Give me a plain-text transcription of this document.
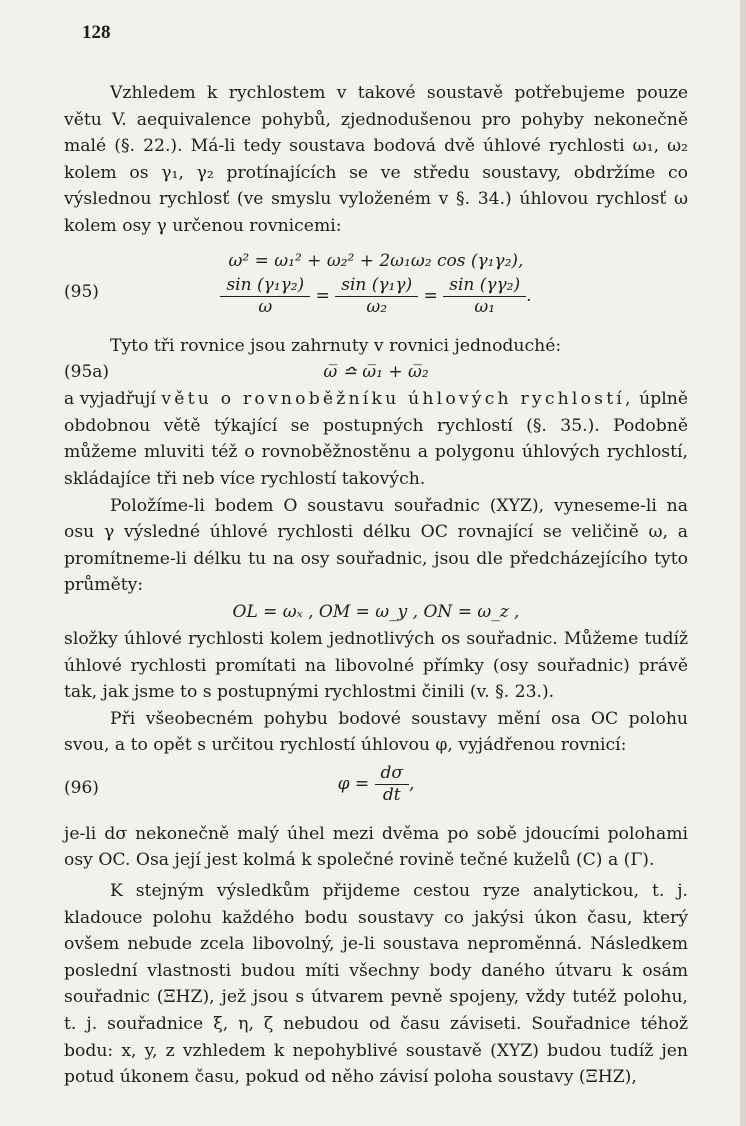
128

Vzhledem k rychlostem v takové soustavě potřebujeme pouze větu V. aequivalence pohybů, zjednodušenou pro pohyby nekonečně malé (§. 22.). Má-li tedy soustava bodová dvě úhlové rychlosti ω₁, ω₂ kolem os γ₁, γ₂ protínajících se ve středu soustavy, obdržíme co výslednou rychlosť (ve smyslu vyloženém v §. 34.) úhlovou rychlosť ω kolem osy γ určenou rovnicemi:

ω² = ω₁² + ω₂² + 2ω₁ω₂ cos (γ₁γ₂),
(95)	$\frac{\text{sin (γ₁γ₂)}}{\omega} = \frac{\text{sin (γ₁γ)}}{\text{ω₂}} = \frac{\text{sin (γγ₂)}}{\text{ω₁}}$ .

Tyto tři rovnice jsou zahrnuty v rovnici jednoduché:

(95a)	ω̅ ≏ ω̅₁ + ω̅₂

a vyjadřují větu o rovnoběžníku úhlových rychlostí, úplně obdobnou větě týkající se postupných rychlostí (§. 35.). Podobně můžeme mluviti též o rovnoběžnostěnu a polygonu úhlových rychlostí, skládajíce tři neb více rychlostí takových.

Položíme-li bodem O soustavu souřadnic (XYZ), vyneseme-li na osu γ výsledné úhlové rychlosti délku OC rovnající se veličině ω, a promítneme-li délku tu na osy souřadnic, jsou dle předcházejícího tyto průměty:

OL = ωₓ , OM = ω_y , ON = ω_z ,

složky úhlové rychlosti kolem jednotlivých os souřadnic. Můžeme tudíž úhlové rychlosti promítati na libovolné přímky (osy souřadnic) právě tak, jak jsme to s postupnými rychlostmi činili (v. §. 23.).

Při všeobecném pohybu bodové soustavy mění osa OC polohu svou, a to opět s určitou rychlostí úhlovou φ, vyjádřenou rovnicí:

(96)	$\varphi = \frac{d\sigma}{dt}$ ,

je-li dσ nekonečně malý úhel mezi dvěma po sobě jdoucími polohami osy OC. Osa její jest kolmá k společné rovině tečné kuželů (C) a (Γ).

K stejným výsledkům přijdeme cestou ryze analytickou, t. j. kladouce polohu každého bodu soustavy co jakýsi úkon času, který ovšem nebude zcela libovolný, je-li soustava neproměnná. Následkem poslední vlastnosti budou míti všechny body daného útvaru k osám souřadnic (ΞHZ), jež jsou s útvarem pevně spojeny, vždy tutéž polohu, t. j. souřadnice ξ, η, ζ nebudou od času záviseti. Souřadnice téhož bodu: x, y, z vzhledem k nepohyblivé soustavě (XYZ) budou tudíž jen potud úkonem času, pokud od něho závisí poloha soustavy (ΞHZ),
